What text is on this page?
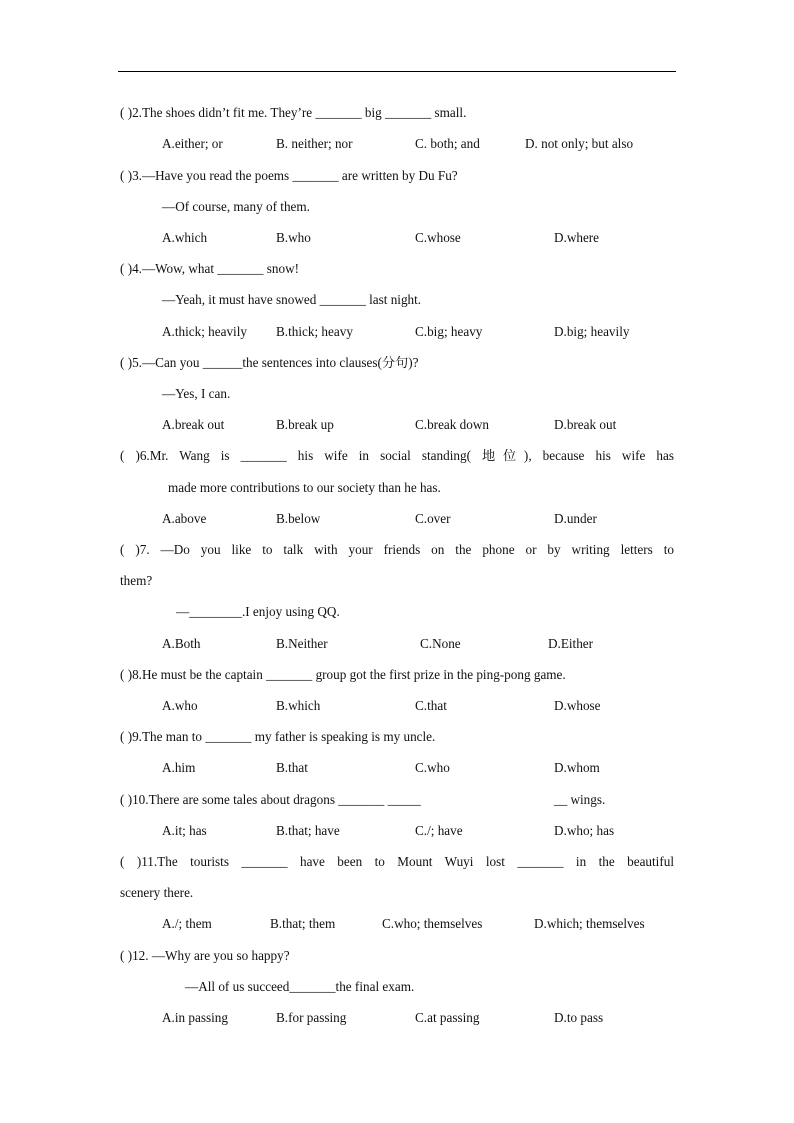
( )2.The shoes didn’t fit me. They’re _______ big _______ small.
A.either; or	B. neither; nor	C. both; and	D. not only; but also
( )3.—Have you read the poems _______ are written by Du Fu?
—Of course, many of them.
A.which	B.who	C.whose	D.where
( )4.—Wow, what _______ snow!
—Yeah, it must have snowed _______ last night.
A.thick; heavily B.thick; heavy	C.big; heavy	D.big; heavily
( )5.—Can you ______the sentences into clauses(分句)?
—Yes, I can.
A.break out	B.break up	C.break down	D.break out
( )6.Mr. Wang is _______ his wife in social standing( 地位), because his wife has
made more contributions to our society than he has.
A.above	B.below	C.over	D.under
( )7. —Do you like to talk with your friends on the phone or by writing letters to
them?
—________.I enjoy using QQ.
A.Both	B.Neither	C.None	D.Either
( )8.He must be the captain _______ group got the first prize in the ping-pong game.
A.who	B.which	C.that	D.whose
( )9.The man to _______ my father is speaking is my uncle.
A.him	B.that	C.who	D.whom
( )10.There are some tales about dragons _______ _____	__ wings.
A.it; has	B.that; have	C./; have	D.who; has
( )11.The tourists _______ have been to Mount Wuyi lost _______ in the beautiful
scenery there.
A./; them	B.that; them	C.who; themselves	D.which; themselves
( )12. —Why are you so happy?
—All of us succeed_______the final exam.
A.in passing	B.for passing	C.at passing	D.to pass
